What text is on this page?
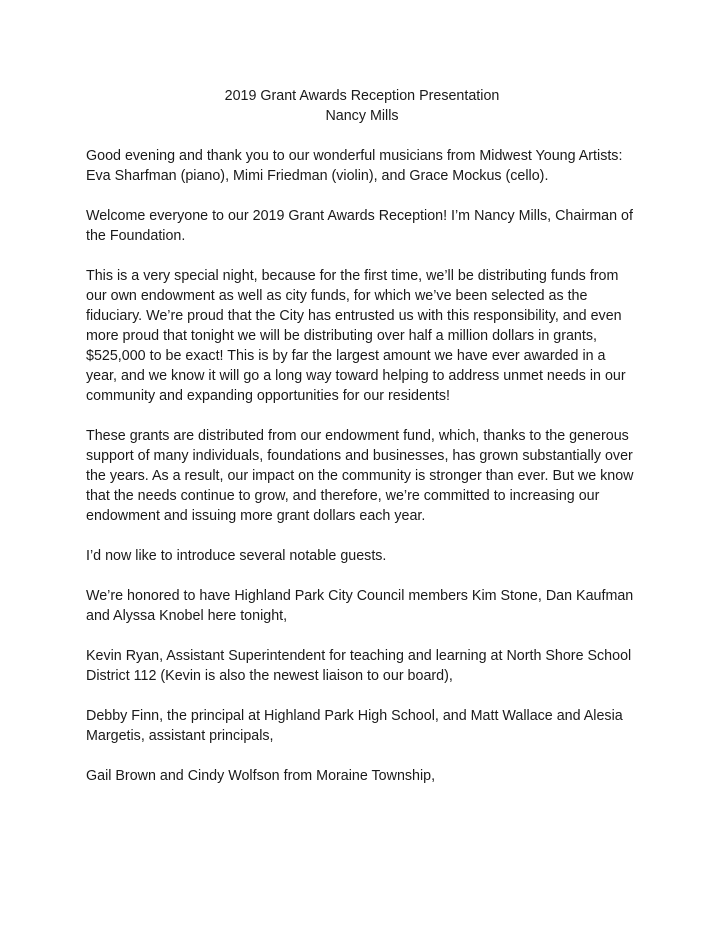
2019 Grant Awards Reception Presentation
Nancy Mills

Good evening and thank you to our wonderful musicians from Midwest Young Artists: Eva Sharfman (piano), Mimi Friedman (violin), and Grace Mockus (cello).

Welcome everyone to our 2019 Grant Awards Reception! I’m Nancy Mills, Chairman of the Foundation.

This is a very special night, because for the first time, we’ll be distributing funds from our own endowment as well as city funds, for which we’ve been selected as the fiduciary. We’re proud that the City has entrusted us with this responsibility, and even more proud that tonight we will be distributing over half a million dollars in grants, $525,000 to be exact! This is by far the largest amount we have ever awarded in a year, and we know it will go a long way toward helping to address unmet needs in our community and expanding opportunities for our residents!

These grants are distributed from our endowment fund, which, thanks to the generous support of many individuals, foundations and businesses, has grown substantially over the years. As a result, our impact on the community is stronger than ever. But we know that the needs continue to grow, and therefore, we’re committed to increasing our endowment and issuing more grant dollars each year.

I’d now like to introduce several notable guests.

We’re honored to have Highland Park City Council members Kim Stone, Dan Kaufman and Alyssa Knobel here tonight,

Kevin Ryan, Assistant Superintendent for teaching and learning at North Shore School District 112 (Kevin is also the newest liaison to our board),

Debby Finn, the principal at Highland Park High School, and Matt Wallace and Alesia Margetis, assistant principals,

Gail Brown and Cindy Wolfson from Moraine Township,
